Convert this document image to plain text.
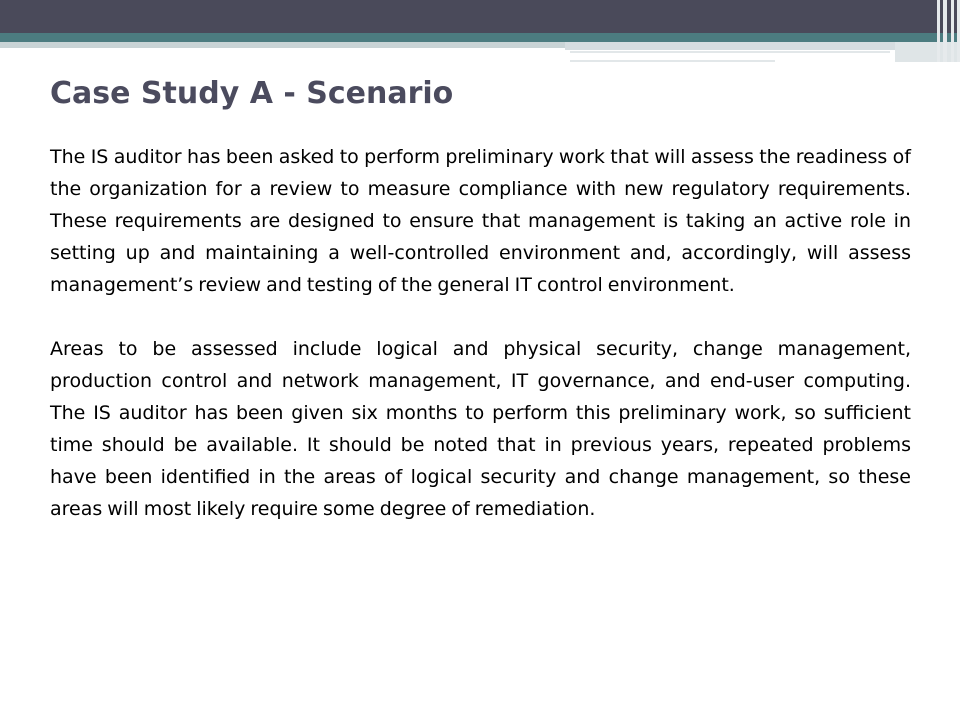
Case Study A - Scenario

The IS auditor has been asked to perform preliminary work that will assess the readiness of the organization for a review to measure compliance with new regulatory requirements. These requirements are designed to ensure that management is taking an active role in setting up and maintaining a well-controlled environment and, accordingly, will assess management’s review and testing of the general IT control environment.

Areas to be assessed include logical and physical security, change management, production control and network management, IT governance, and end-user computing. The IS auditor has been given six months to perform this preliminary work, so sufficient time should be available. It should be noted that in previous years, repeated problems have been identified in the areas of logical security and change management, so these areas will most likely require some degree of remediation.
